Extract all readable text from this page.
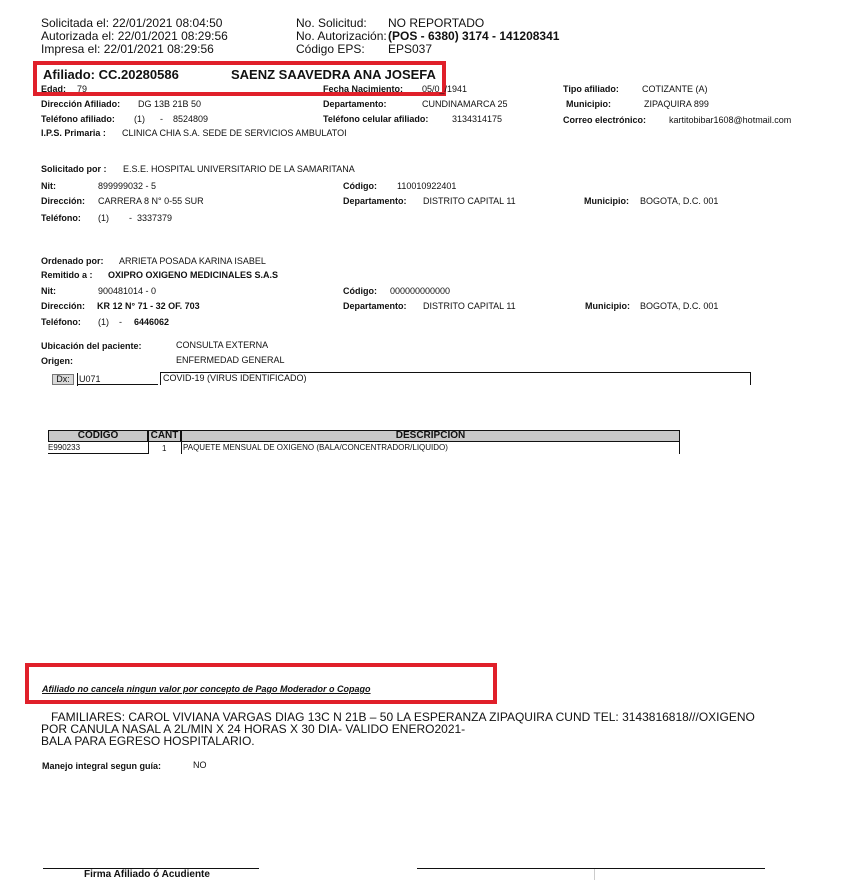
Solicitada el: 22/01/2021 08:04:50
Autorizada el: 22/01/2021 08:29:56
Impresa el: 22/01/2021 08:29:56
No. Solicitud: NO REPORTADO
No. Autorización: (POS - 6380) 3174 - 141208341
Código EPS: EPS037
Afiliado: CC.20280586	SAENZ SAAVEDRA ANA JOSEFA
Edad: 79	Fecha Nacimiento: 05/0_/1941	Tipo afiliado:	COTIZANTE (A)
Dirección Afiliado: DG 13B 21B 50	Departamento:	CUNDINAMARCA 25	Municipio:	ZIPAQUIRA 899
Teléfono afiliado: (1)      -    8524809	Teléfono celular afiliado:	3134314175	Correo electrónico:	kartitobibar1608@hotmail.com
I.P.S. Primaria : CLINICA CHIA S.A. SEDE DE SERVICIOS AMBULATOI
Solicitado por : E.S.E. HOSPITAL UNIVERSITARIO DE LA SAMARITANA
Nit:	899999032 - 5	Código: 110010922401
Dirección: CARRERA 8 N° 0-55 SUR	Departamento: DISTRITO CAPITAL 11	Municipio: BOGOTA, D.C. 001
Teléfono: (1)        -  3337379
Ordenado por: ARRIETA POSADA KARINA ISABEL
Remitido a : OXIPRO OXIGENO MEDICINALES S.A.S
Nit:	900481014 - 0	Código: 000000000000
Dirección: KR 12 N° 71 - 32 OF. 703	Departamento: DISTRITO CAPITAL 11	Municipio: BOGOTA, D.C. 001
Teléfono: (1)    - 6446062
Ubicación del paciente:	CONSULTA EXTERNA
Origen:	ENFERMEDAD GENERAL
Dx:	U071	COVID-19 (VIRUS IDENTIFICADO)
CODIGO	CANT	DESCRIPCION
E990233	1 PAQUETE MENSUAL DE OXIGENO (BALA/CONCENTRADOR/LIQUIDO)
Afiliado no cancela ningun valor por concepto de Pago Moderador o Copago
FAMILIARES: CAROL VIVIANA VARGAS DIAG 13C N 21B – 50 LA ESPERANZA ZIPAQUIRA CUND TEL: 3143816818///OXIGENO
POR CANULA NASAL A 2L/MIN X 24 HORAS X 30 DIA- VALIDO ENERO2021-
BALA PARA EGRESO HOSPITALARIO.
Manejo integral segun guía:	NO
Firma Afiliado ó Acudiente
